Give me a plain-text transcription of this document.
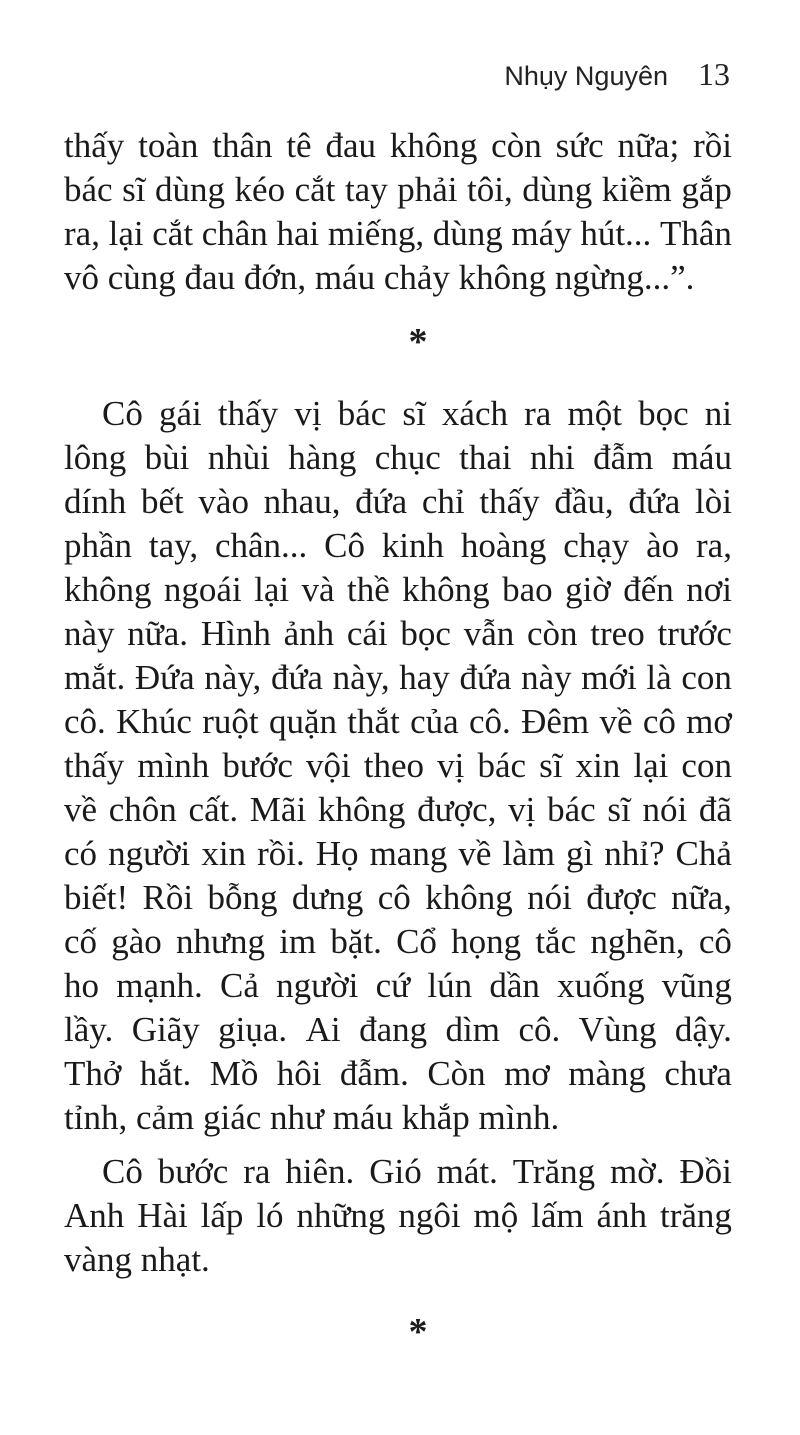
Nhụy Nguyên 13
thấy toàn thân tê đau không còn sức nữa; rồi
bác sĩ dùng kéo cắt tay phải tôi, dùng kiềm gắp
ra, lại cắt chân hai miếng, dùng máy hút... Thân
vô cùng đau đớn, máu chảy không ngừng...”.
*
Cô gái thấy vị bác sĩ xách ra một bọc ni
lông bùi nhùi hàng chục thai nhi đẫm máu
dính bết vào nhau, đứa chỉ thấy đầu, đứa lòi
phần tay, chân... Cô kinh hoàng chạy ào ra,
không ngoái lại và thề không bao giờ đến nơi
này nữa. Hình ảnh cái bọc vẫn còn treo trước
mắt. Đứa này, đứa này, hay đứa này mới là con
cô. Khúc ruột quặn thắt của cô. Đêm về cô mơ
thấy mình bước vội theo vị bác sĩ xin lại con
về chôn cất. Mãi không được, vị bác sĩ nói đã
có người xin rồi. Họ mang về làm gì nhỉ? Chả
biết! Rồi bỗng dưng cô không nói được nữa,
cố gào nhưng im bặt. Cổ họng tắc nghẽn, cô
ho mạnh. Cả người cứ lún dần xuống vũng
lầy. Giãy giụa. Ai đang dìm cô. Vùng dậy.
Thở hắt. Mồ hôi đẫm. Còn mơ màng chưa
tỉnh, cảm giác như máu khắp mình.
Cô bước ra hiên. Gió mát. Trăng mờ. Đồi
Anh Hài lấp ló những ngôi mộ lấm ánh trăng
vàng nhạt.
*
